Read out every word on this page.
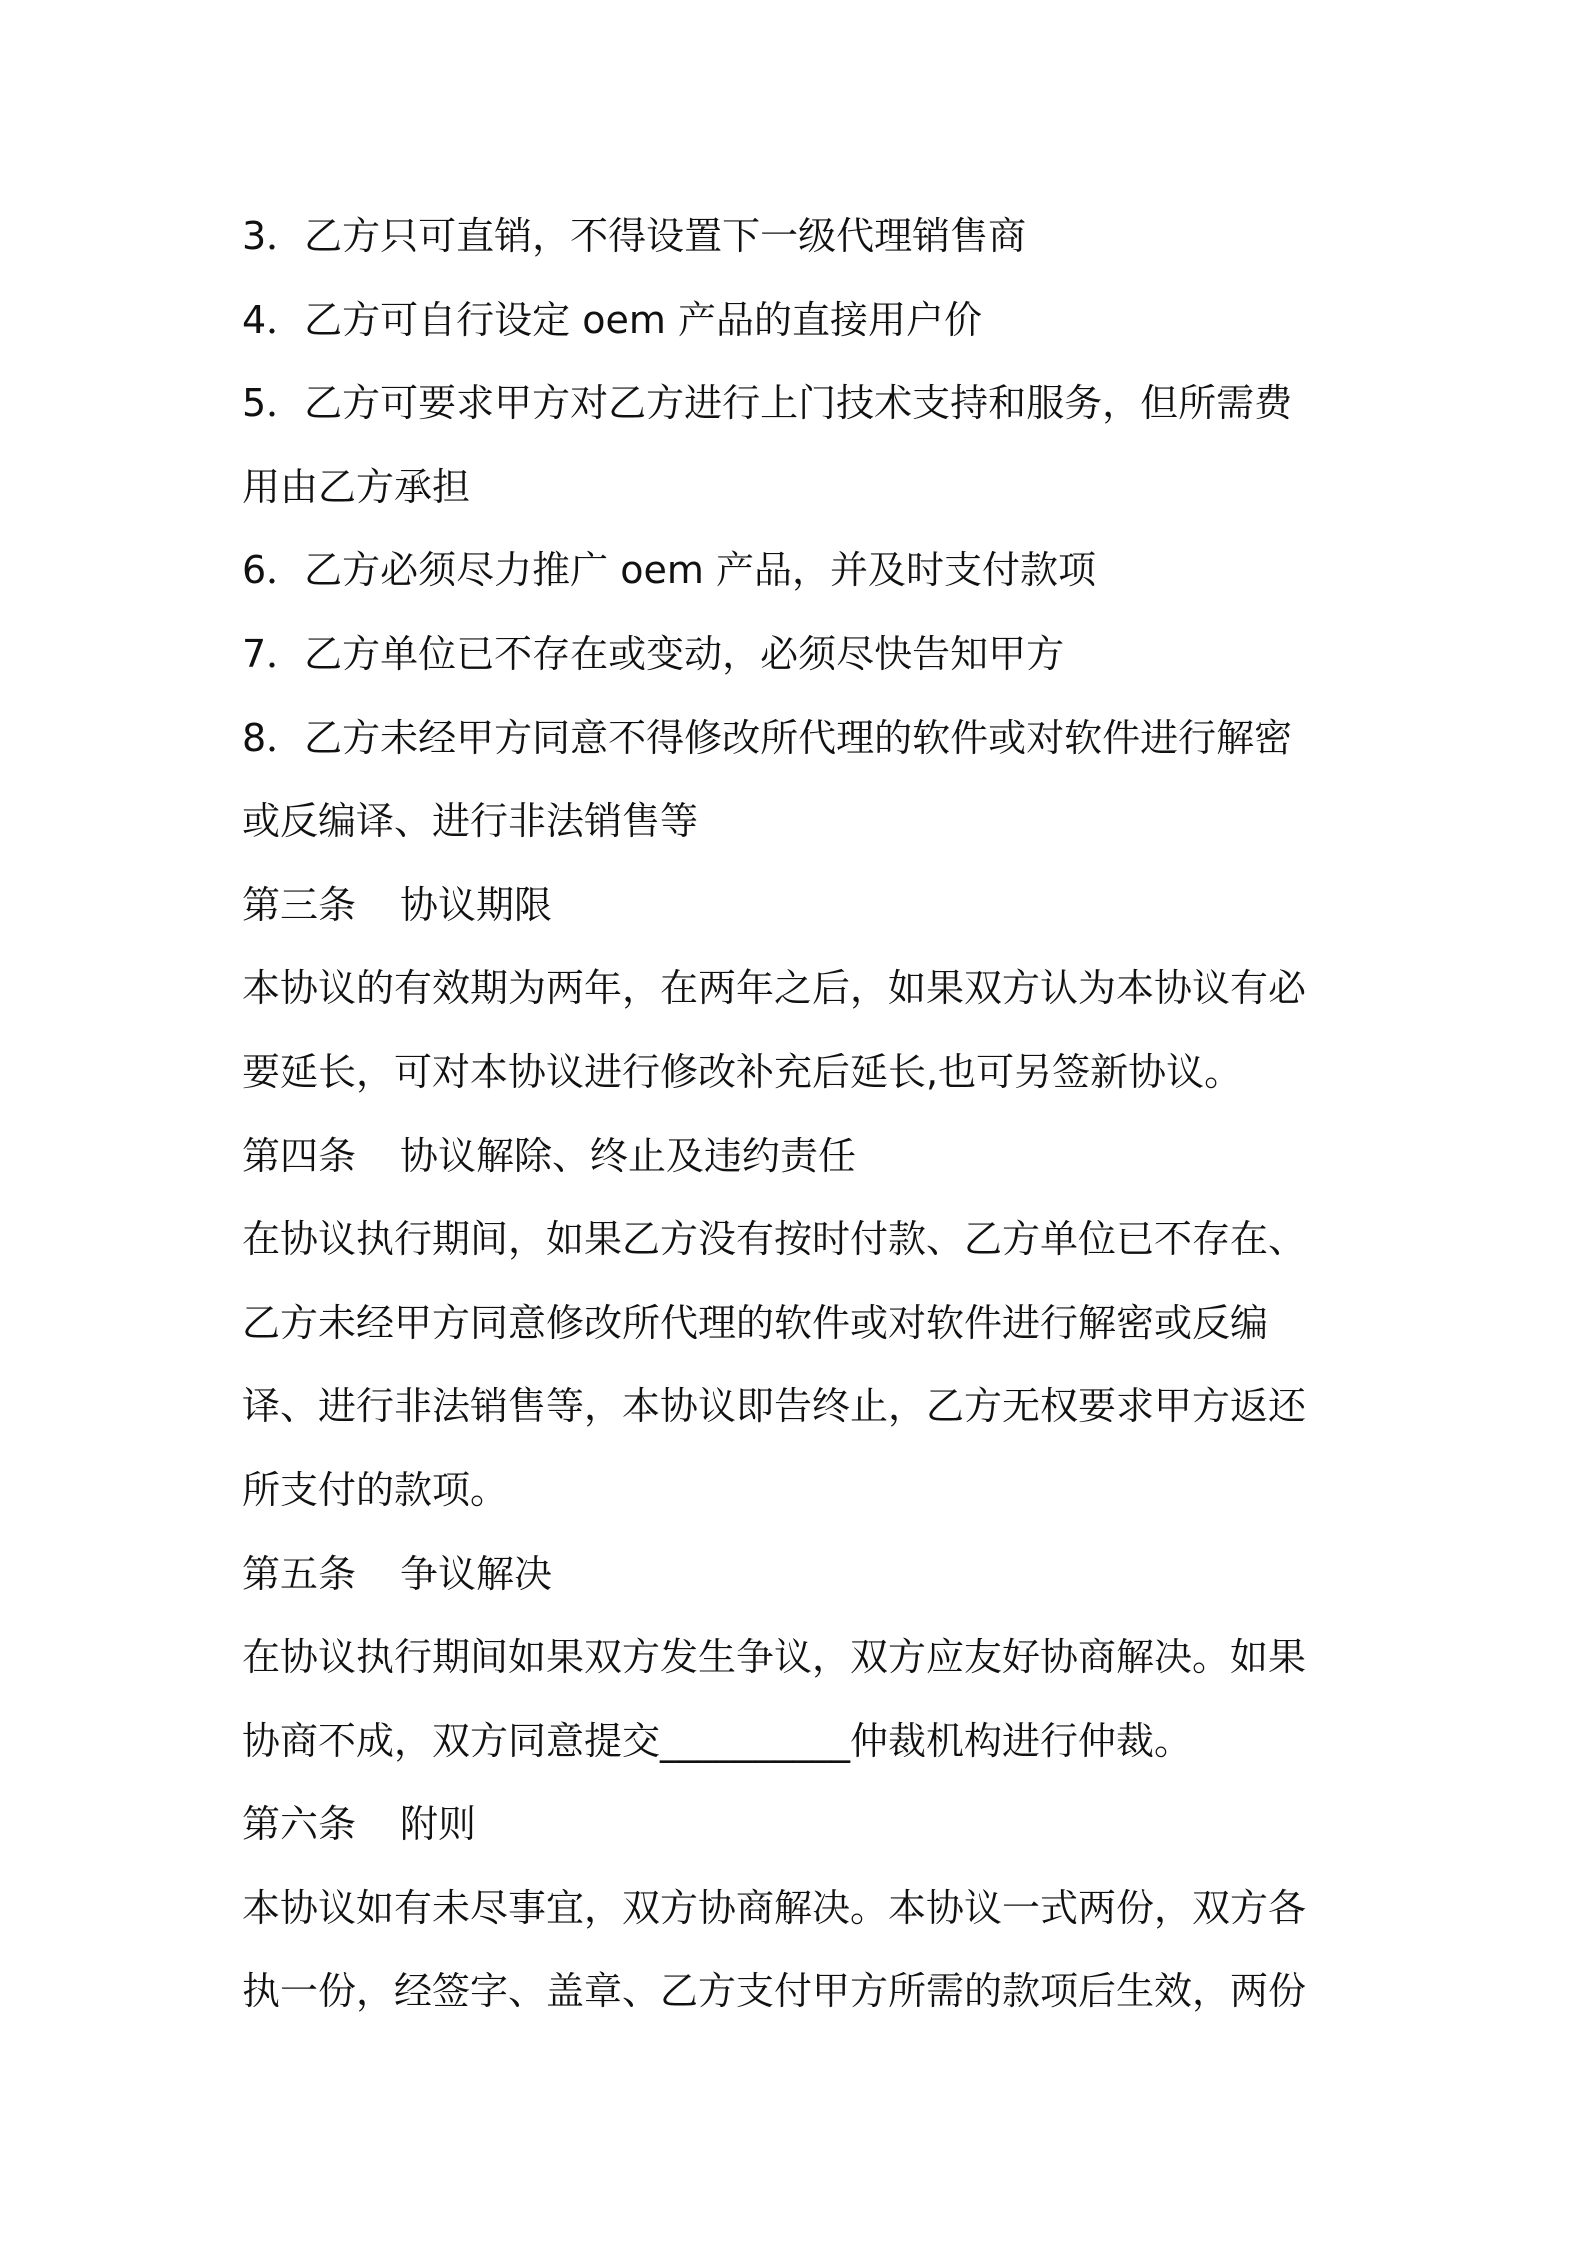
3．乙方只可直销，不得设置下一级代理销售商
4．乙方可自行设定 oem 产品的直接用户价
5．乙方可要求甲方对乙方进行上门技术支持和服务，但所需费
用由乙方承担
6．乙方必须尽力推广 oem 产品，并及时支付款项
7．乙方单位已不存在或变动，必须尽快告知甲方
8．乙方未经甲方同意不得修改所代理的软件或对软件进行解密
或反编译、进行非法销售等
第三条 协议期限
本协议的有效期为两年，在两年之后，如果双方认为本协议有必
要延长，可对本协议进行修改补充后延长,也可另签新协议。
第四条 协议解除、终止及违约责任
在协议执行期间，如果乙方没有按时付款、乙方单位已不存在、
乙方未经甲方同意修改所代理的软件或对软件进行解密或反编
译、进行非法销售等，本协议即告终止，乙方无权要求甲方返还
所支付的款项。
第五条 争议解决
在协议执行期间如果双方发生争议，双方应友好协商解决。如果
协商不成，双方同意提交__________仲裁机构进行仲裁。
第六条 附则
本协议如有未尽事宜，双方协商解决。本协议一式两份，双方各
执一份，经签字、盖章、乙方支付甲方所需的款项后生效，两份
